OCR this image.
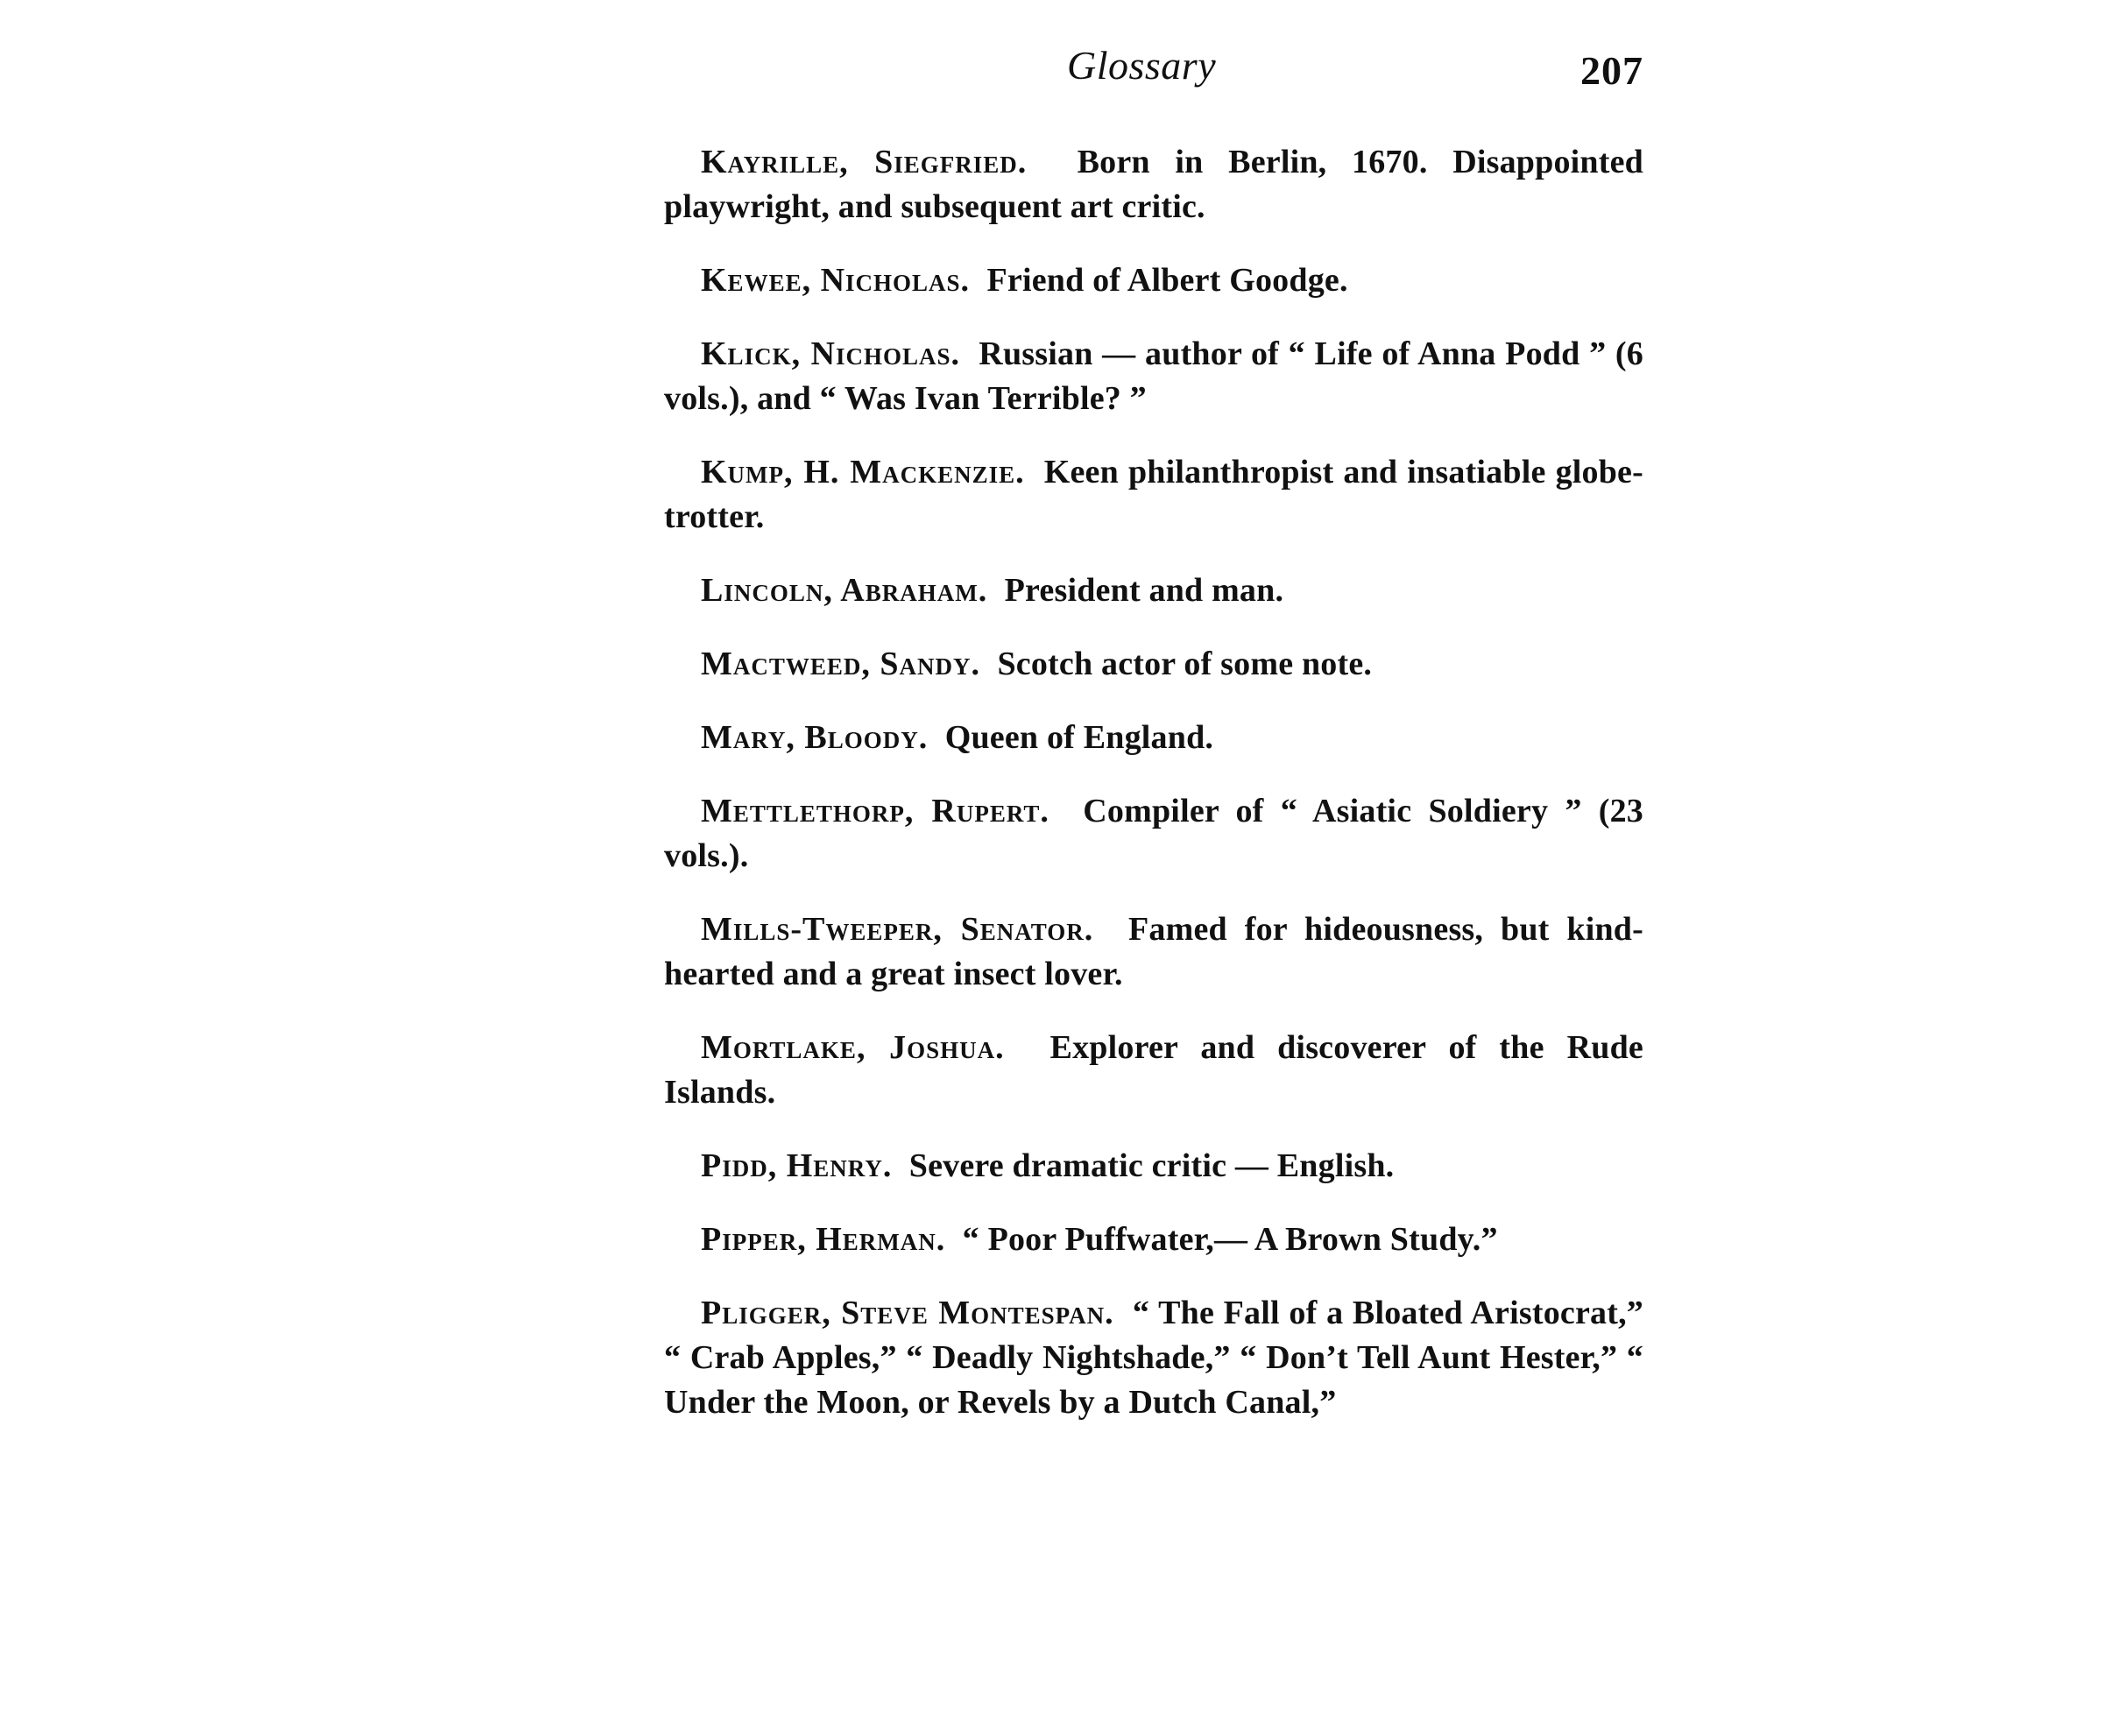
Glossary	207

Kayrille, Siegfried. Born in Berlin, 1670. Disappointed playwright, and subsequent art critic.

Kewee, Nicholas. Friend of Albert Goodge.

Klick, Nicholas. Russian — author of “ Life of Anna Podd ” (6 vols.), and “ Was Ivan Terrible? ”

Kump, H. Mackenzie. Keen philanthropist and insatiable globe-trotter.

Lincoln, Abraham. President and man.

Mactweed, Sandy. Scotch actor of some note.

Mary, Bloody. Queen of England.

Mettlethorp, Rupert. Compiler of “ Asiatic Soldiery ” (23 vols.).

Mills-Tweeper, Senator. Famed for hideousness, but kind-hearted and a great insect lover.

Mortlake, Joshua. Explorer and discoverer of the Rude Islands.

Pidd, Henry. Severe dramatic critic — English.

Pipper, Herman. “ Poor Puffwater,— A Brown Study.”

Pligger, Steve Montespan. “ The Fall of a Bloated Aristocrat,” “ Crab Apples,” “ Deadly Nightshade,” “ Don’t Tell Aunt Hester,” “ Under the Moon, or Revels by a Dutch Canal,”
